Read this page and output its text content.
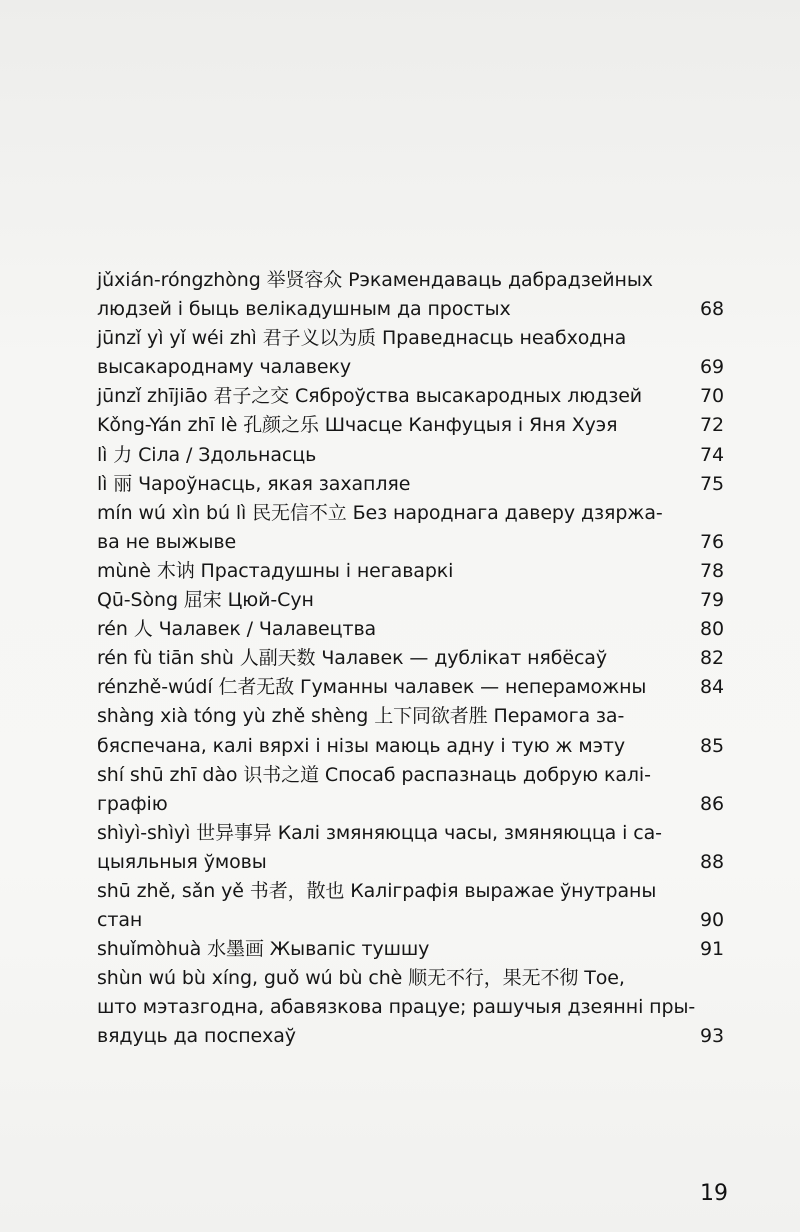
jǔxián-róngzhòng 举贤容众 Рэкамендаваць дабрадзейных
людзей і быць велікадушным да простых	68
jūnzǐ yì yǐ wéi zhì 君子义以为质 Праведнасць неабходна
высакароднаму чалавеку	69
jūnzǐ zhījiāo 君子之交 Сяброўства высакародных людзей	70
Kǒng-Yán zhī lè 孔颜之乐 Шчасце Канфуцыя і Яня Хуэя	72
lì 力 Сіла / Здольнасць	74
lì 丽 Чароўнасць, якая захапляе	75
mín wú xìn bú lì 民无信不立 Без народнага даверу дзяржа-
ва не выжыве	76
mùnè 木讷 Прастадушны і негаваркі	78
Qū-Sòng 屈宋 Цюй-Сун	79
rén 人 Чалавек / Чалавецтва	80
rén fù tiān shù 人副天数 Чалавек — дублікат нябёсаў	82
rénzhě-wúdí 仁者无敌 Гуманны чалавек — непераможны	84
shàng xià tóng yù zhě shèng 上下同欲者胜 Перамога за-
бяспечана, калі вярхі і нізы маюць адну і тую ж мэту	85
shí shū zhī dào 识书之道 Спосаб распазнаць добрую калі-
графію	86
shìyì-shìyì 世异事异 Калі змяняюцца часы, змяняюцца і са-
цыяльныя ўмовы	88
shū zhě, sǎn yě 书者，散也 Каліграфія выражае ўнутраны
стан	90
shuǐmòhuà 水墨画 Жывапіс тушшу	91
shùn wú bù xíng, guǒ wú bù chè 顺无不行，果无不彻 Тое,
што мэтазгодна, абавязкова працуе; рашучыя дзеянні пры-
вядуць да поспехаў	93
19
